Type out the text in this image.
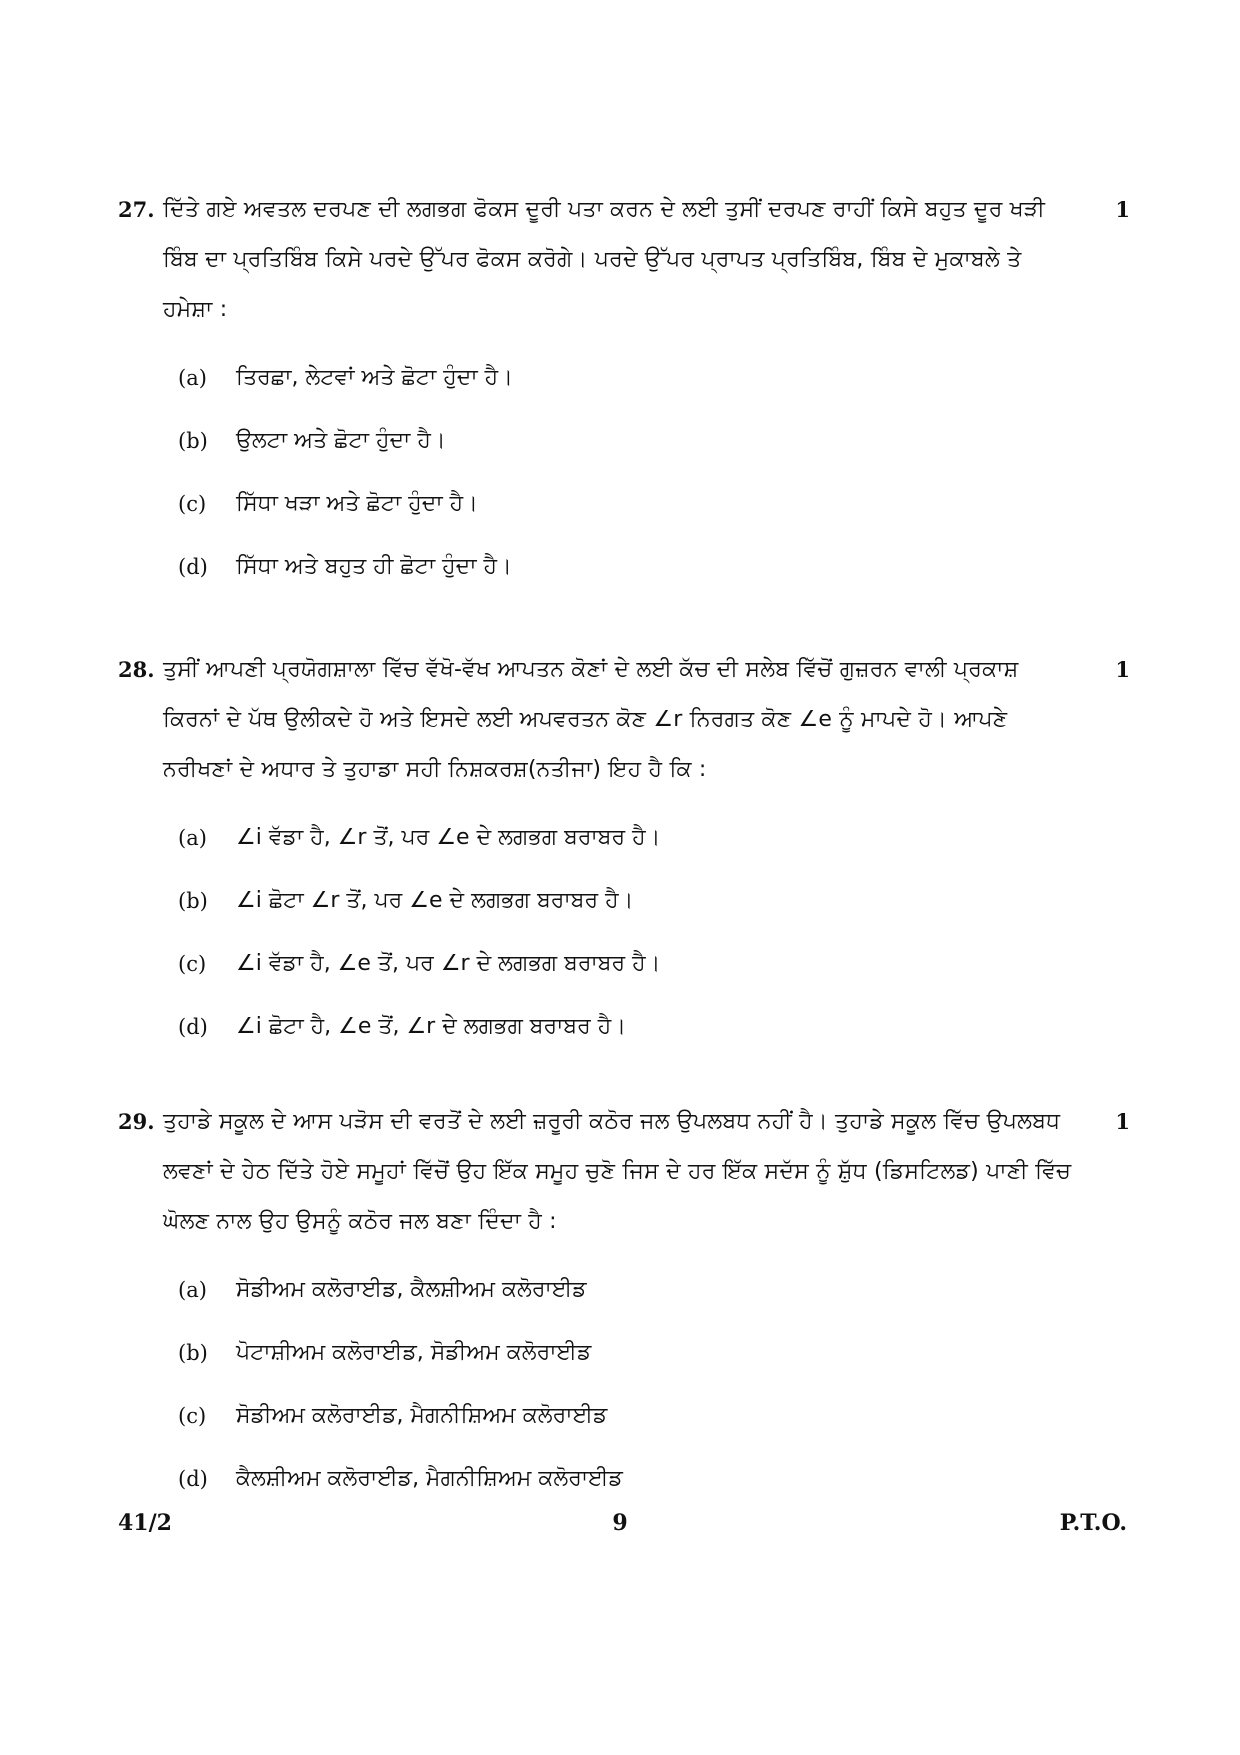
27.	1
ਦਿੱਤੇ ਗਏ ਅਵਤਲ ਦਰਪਣ ਦੀ ਲਗਭਗ ਫੋਕਸ ਦੂਰੀ ਪਤਾ ਕਰਨ ਦੇ ਲਈ ਤੁਸੀਂ ਦਰਪਣ ਰਾਹੀਂ ਕਿਸੇ ਬਹੁਤ ਦੂਰ ਖੜੀ ਬਿੰਬ ਦਾ ਪ੍ਰਤਿਬਿੰਬ ਕਿਸੇ ਪਰਦੇ ਉੱਪਰ ਫੋਕਸ ਕਰੋਗੇ। ਪਰਦੇ ਉੱਪਰ ਪ੍ਰਾਪਤ ਪ੍ਰਤਿਬਿੰਬ, ਬਿੰਬ ਦੇ ਮੁਕਾਬਲੇ ਤੇ ਹਮੇਸ਼ਾ :
(a)	ਤਿਰਛਾ, ਲੇਟਵਾਂ ਅਤੇ ਛੋਟਾ ਹੁੰਦਾ ਹੈ।
(b)	ਉਲਟਾ ਅਤੇ ਛੋਟਾ ਹੁੰਦਾ ਹੈ।
(c)	ਸਿੱਧਾ ਖੜਾ ਅਤੇ ਛੋਟਾ ਹੁੰਦਾ ਹੈ।
(d)	ਸਿੱਧਾ ਅਤੇ ਬਹੁਤ ਹੀ ਛੋਟਾ ਹੁੰਦਾ ਹੈ।
28.	1
ਤੁਸੀਂ ਆਪਣੀ ਪ੍ਰਯੋਗਸ਼ਾਲਾ ਵਿੱਚ ਵੱਖੋ-ਵੱਖ ਆਪਤਨ ਕੋਣਾਂ ਦੇ ਲਈ ਕੱਚ ਦੀ ਸਲੇਬ ਵਿੱਚੋਂ ਗੁਜ਼ਰਨ ਵਾਲੀ ਪ੍ਰਕਾਸ਼ ਕਿਰਨਾਂ ਦੇ ਪੱਥ ਉਲੀਕਦੇ ਹੋ ਅਤੇ ਇਸਦੇ ਲਈ ਅਪਵਰਤਨ ਕੋਣ ∠r ਨਿਰਗਤ ਕੋਣ ∠e ਨੂੰ ਮਾਪਦੇ ਹੋ। ਆਪਣੇ ਨਰੀਖਣਾਂ ਦੇ ਅਧਾਰ ਤੇ ਤੁਹਾਡਾ ਸਹੀ ਨਿਸ਼ਕਰਸ਼(ਨਤੀਜਾ) ਇਹ ਹੈ ਕਿ :
(a)	∠i ਵੱਡਾ ਹੈ, ∠r ਤੋਂ, ਪਰ ∠e ਦੇ ਲਗਭਗ ਬਰਾਬਰ ਹੈ।
(b)	∠i ਛੋਟਾ ∠r ਤੋਂ, ਪਰ ∠e ਦੇ ਲਗਭਗ ਬਰਾਬਰ ਹੈ।
(c)	∠i ਵੱਡਾ ਹੈ, ∠e ਤੋਂ, ਪਰ ∠r ਦੇ ਲਗਭਗ ਬਰਾਬਰ ਹੈ।
(d)	∠i ਛੋਟਾ ਹੈ, ∠e ਤੋਂ, ∠r ਦੇ ਲਗਭਗ ਬਰਾਬਰ ਹੈ।
29.	1
ਤੁਹਾਡੇ ਸਕੂਲ ਦੇ ਆਸ ਪੜੋਸ ਦੀ ਵਰਤੋਂ ਦੇ ਲਈ ਜ਼ਰੂਰੀ ਕਠੋਰ ਜਲ ਉਪਲਬਧ ਨਹੀਂ ਹੈ। ਤੁਹਾਡੇ ਸਕੂਲ ਵਿੱਚ ਉਪਲਬਧ ਲਵਣਾਂ ਦੇ ਹੇਠ ਦਿੱਤੇ ਹੋਏ ਸਮੂਹਾਂ ਵਿੱਚੋਂ ਉਹ ਇੱਕ ਸਮੂਹ ਚੁਣੋ ਜਿਸ ਦੇ ਹਰ ਇੱਕ ਸਦੱਸ ਨੂੰ ਸ਼ੁੱਧ (ਡਿਸਟਿਲਡ) ਪਾਣੀ ਵਿੱਚ ਘੋਲਣ ਨਾਲ ਉਹ ਉਸਨੂੰ ਕਠੋਰ ਜਲ ਬਣਾ ਦਿੰਦਾ ਹੈ :
(a)	ਸੋਡੀਅਮ ਕਲੋਰਾਈਡ, ਕੈਲਸ਼ੀਅਮ ਕਲੋਰਾਈਡ
(b)	ਪੋਟਾਸ਼ੀਅਮ ਕਲੋਰਾਈਡ, ਸੋਡੀਅਮ ਕਲੋਰਾਈਡ
(c)	ਸੋਡੀਅਮ ਕਲੋਰਾਈਡ, ਮੈਗਨੀਸ਼ਿਅਮ ਕਲੋਰਾਈਡ
(d)	ਕੈਲਸ਼ੀਅਮ ਕਲੋਰਾਈਡ, ਮੈਗਨੀਸ਼ਿਅਮ ਕਲੋਰਾਈਡ
41/2	9	P.T.O.
